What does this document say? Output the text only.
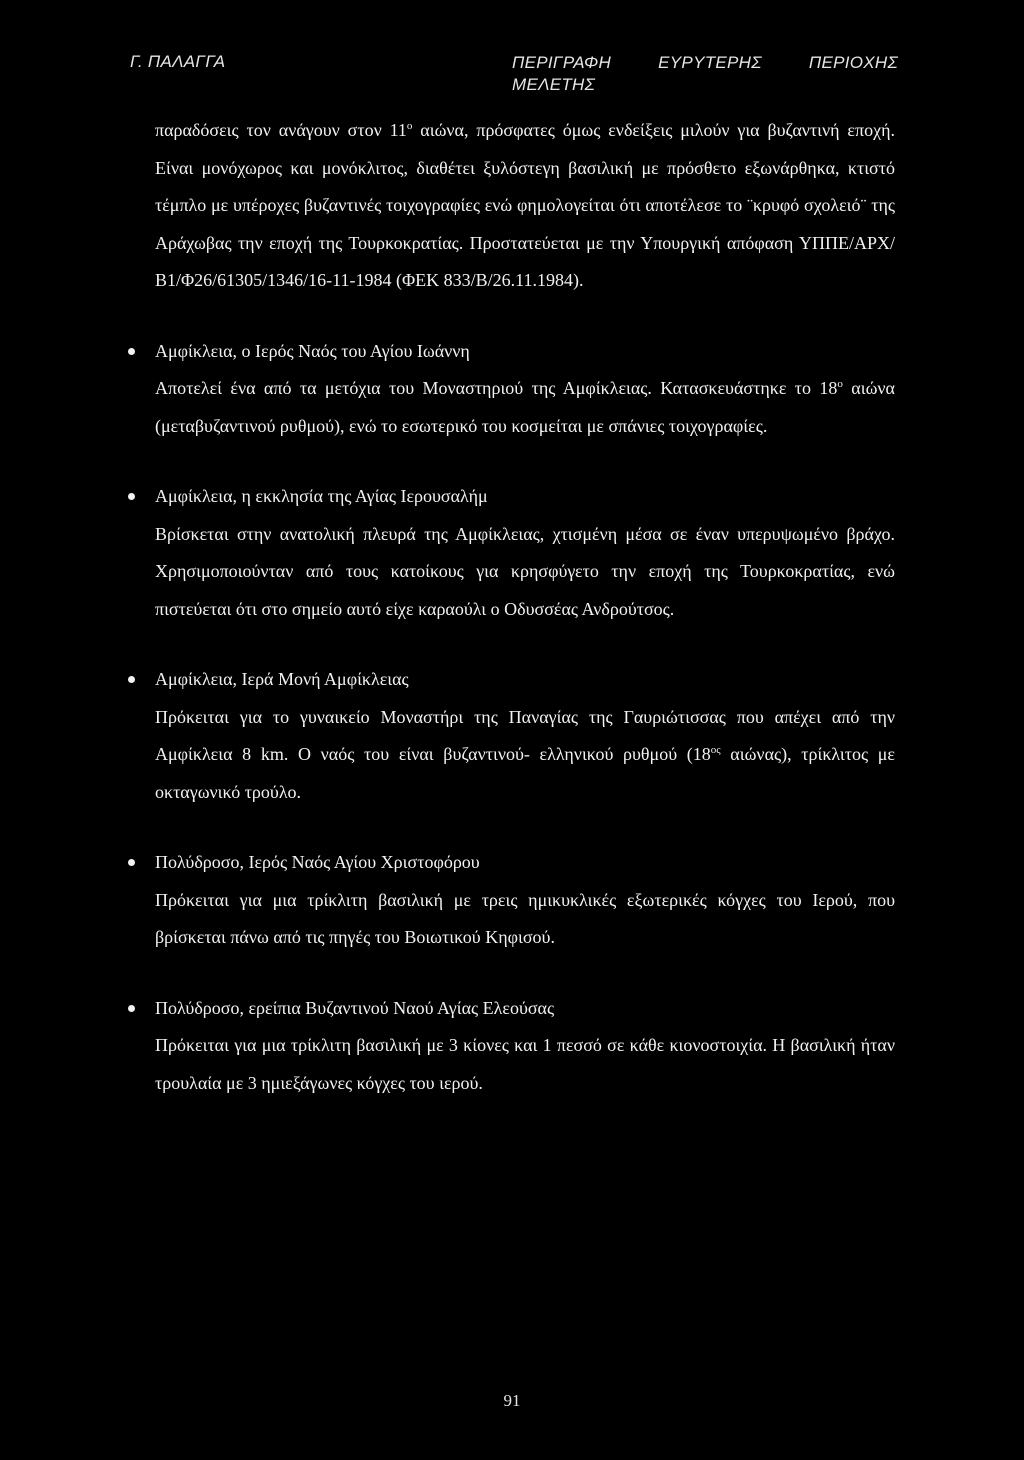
Γ. ΠΑΛΑΓΓΑ	ΠΕΡΙΓΡΑΦΗ	ΕΥΡΥΤΕΡΗΣ	ΠΕΡΙΟΧΗΣ
ΜΕΛΕΤΗΣ

παραδόσεις τον ανάγουν στον $11^o$ αιώνα, πρόσφατες όμως ενδείξεις μιλούν για βυζαντινή εποχή. Είναι μονόχωρος και μονόκλιτος, διαθέτει ξυλόστεγη βασιλική με πρόσθετο εξωνάρθηκα, κτιστό τέμπλο με υπέροχες βυζαντινές τοιχογραφίες ενώ φημολογείται ότι αποτέλεσε το ¨κρυφό σχολειό¨ της Αράχωβας την εποχή της Τουρκοκρατίας. Προστατεύεται με την Υπουργική απόφαση ΥΠΠΕ/ΑΡΧ/Β1/Φ26/61305/1346/16-11-1984 (ΦΕΚ 833/Β/26.11.1984).

Αμφίκλεια, ο Ιερός Ναός του Αγίου Ιωάννη

Αποτελεί ένα από τα μετόχια του Μοναστηριού της Αμφίκλειας. Κατασκευάστηκε το $18^o$ αιώνα (μεταβυζαντινού ρυθμού), ενώ το εσωτερικό του κοσμείται με σπάνιες τοιχογραφίες.

Αμφίκλεια, η εκκλησία της Αγίας Ιερουσαλήμ

Βρίσκεται στην ανατολική πλευρά της Αμφίκλειας, χτισμένη μέσα σε έναν υπερυψωμένο βράχο. Χρησιμοποιούνταν από τους κατοίκους για κρησφύγετο την εποχή της Τουρκοκρατίας, ενώ πιστεύεται ότι στο σημείο αυτό είχε καραούλι ο Οδυσσέας Ανδρούτσος.

Αμφίκλεια, Ιερά Μονή Αμφίκλειας

Πρόκειται για το γυναικείο Μοναστήρι της Παναγίας της Γαυριώτισσας που απέχει από την Αμφίκλεια 8 km. Ο ναός του είναι βυζαντινού- ελληνικού ρυθμού ($18^{o\varsigma}$ αιώνας), τρίκλιτος με οκταγωνικό τρούλο.

Πολύδροσο, Ιερός Ναός Αγίου Χριστοφόρου

Πρόκειται για μια τρίκλιτη βασιλική με τρεις ημικυκλικές εξωτερικές κόγχες του Ιερού, που βρίσκεται πάνω από τις πηγές του Βοιωτικού Κηφισού.

Πολύδροσο, ερείπια Βυζαντινού Ναού Αγίας Ελεούσας

Πρόκειται για μια τρίκλιτη βασιλική με 3 κίονες και 1 πεσσό σε κάθε κιονοστοιχία. Η βασιλική ήταν τρουλαία με 3 ημιεξάγωνες κόγχες του ιερού.

91
